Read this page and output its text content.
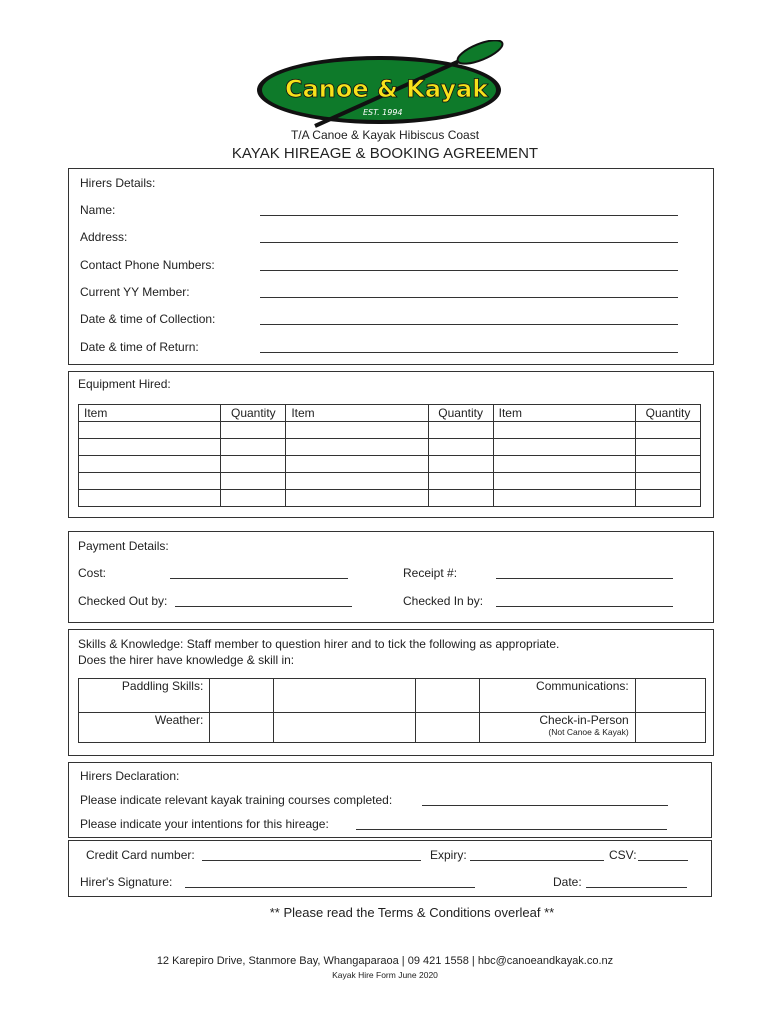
Canoe & Kayak
EST. 1994
T/A Canoe & Kayak Hibiscus Coast
KAYAK HIREAGE & BOOKING AGREEMENT
Hirers Details:
Name:
Address:
Contact Phone Numbers:
Current YY Member:
Date & time of Collection:
Date & time of Return:
Equipment Hired:
Item	Quantity	Item	Quantity	Item	Quantity

Payment Details:
Cost:	Receipt #:
Checked Out by:	Checked In by:
Skills & Knowledge: Staff member to question hirer and to tick the following as appropriate.
Does the hirer have knowledge & skill in:
Paddling Skills:				Communications:	
Weather:				Check-in-Person
(Not Canoe & Kayak)	

Hirers Declaration:
Please indicate relevant kayak training courses completed:
Please indicate your intentions for this hireage:
Credit Card number:	Expiry:	CSV:
Hirer's Signature:	Date:
** Please read the Terms & Conditions overleaf **
12 Karepiro Drive, Stanmore Bay, Whangaparaoa | 09 421 1558 | hbc@canoeandkayak.co.nz
Kayak Hire Form June 2020
